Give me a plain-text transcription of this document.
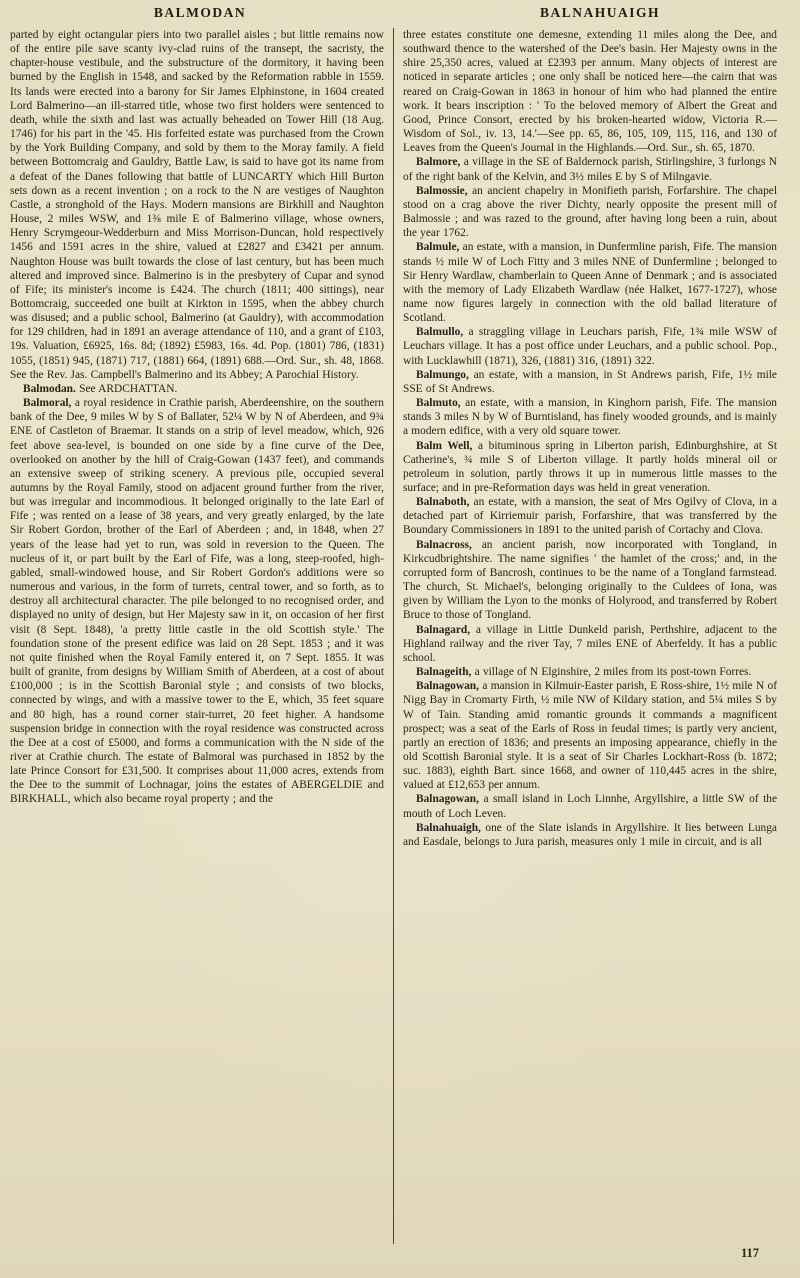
BALMODAN	BALNAHUAIGH

parted by eight octangular piers into two parallel aisles ; but little remains now of the entire pile save scanty ivy-clad ruins of the transept, the sacristy, the chapter-house vestibule, and the substructure of the dormitory, it having been burned by the English in 1548, and sacked by the Reformation rabble in 1559. Its lands were erected into a barony for Sir James Elphinstone, in 1604 created Lord Balmerino—an ill-starred title, whose two first holders were sentenced to death, while the sixth and last was actually beheaded on Tower Hill (18 Aug. 1746) for his part in the '45. His forfeited estate was purchased from the Crown by the York Building Company, and sold by them to the Moray family. A field between Bottomcraig and Gauldry, Battle Law, is said to have got its name from a defeat of the Danes following that battle of LUNCARTY which Hill Burton sets down as a recent invention ; on a rock to the N are vestiges of Naughton Castle, a stronghold of the Hays. Modern mansions are Birkhill and Naughton House, 2 miles WSW, and 1⅜ mile E of Balmerino village, whose owners, Henry Scrymgeour-Wedderburn and Miss Morrison-Duncan, hold respectively 1456 and 1591 acres in the shire, valued at £2827 and £3421 per annum. Naughton House was built towards the close of last century, but has been much altered and improved since. Balmerino is in the presbytery of Cupar and synod of Fife; its minister's income is £424. The church (1811; 400 sittings), near Bottomcraig, succeeded one built at Kirkton in 1595, when the abbey church was disused; and a public school, Balmerino (at Gauldry), with accommodation for 129 children, had in 1891 an average attendance of 110, and a grant of £103, 19s. Valuation, £6925, 16s. 8d; (1892) £5983, 16s. 4d. Pop. (1801) 786, (1831) 1055, (1851) 945, (1871) 717, (1881) 664, (1891) 688.—Ord. Sur., sh. 48, 1868. See the Rev. Jas. Campbell's Balmerino and its Abbey; A Parochial History.

Balmodan. See ARDCHATTAN.

Balmoral, a royal residence in Crathie parish, Aberdeenshire, on the southern bank of the Dee, 9 miles W by S of Ballater, 52¼ W by N of Aberdeen, and 9¾ ENE of Castleton of Braemar. It stands on a strip of level meadow, which, 926 feet above sea-level, is bounded on one side by a fine curve of the Dee, overlooked on another by the hill of Craig-Gowan (1437 feet), and commands an extensive sweep of striking scenery. A previous pile, occupied several autumns by the Royal Family, stood on adjacent ground further from the river, but was irregular and incommodious. It belonged originally to the late Earl of Fife ; was rented on a lease of 38 years, and very greatly enlarged, by the late Sir Robert Gordon, brother of the Earl of Aberdeen ; and, in 1848, when 27 years of the lease had yet to run, was sold in reversion to the Queen. The nucleus of it, or part built by the Earl of Fife, was a long, steep-roofed, high-gabled, small-windowed house, and Sir Robert Gordon's additions were so numerous and various, in the form of turrets, central tower, and so forth, as to destroy all architectural character. The pile belonged to no recognised order, and displayed no unity of design, but Her Majesty saw in it, on occasion of her first visit (8 Sept. 1848), 'a pretty little castle in the old Scottish style.' The foundation stone of the present edifice was laid on 28 Sept. 1853 ; and it was not quite finished when the Royal Family entered it, on 7 Sept. 1855. It was built of granite, from designs by William Smith of Aberdeen, at a cost of about £100,000 ; is in the Scottish Baronial style ; and consists of two blocks, connected by wings, and with a massive tower to the E, which, 35 feet square and 80 high, has a round corner stair-turret, 20 feet higher. A handsome suspension bridge in connection with the royal residence was constructed across the Dee at a cost of £5000, and forms a communication with the N side of the river at Crathie church. The estate of Balmoral was purchased in 1852 by the late Prince Consort for £31,500. It comprises about 11,000 acres, extends from the Dee to the summit of Lochnagar, joins the estates of ABERGELDIE and BIRKHALL, which also became royal property ; and the

three estates constitute one demesne, extending 11 miles along the Dee, and southward thence to the watershed of the Dee's basin. Her Majesty owns in the shire 25,350 acres, valued at £2393 per annum. Many objects of interest are noticed in separate articles ; one only shall be noticed here—the cairn that was reared on Craig-Gowan in 1863 in honour of him who had planned the entire work. It bears inscription : ' To the beloved memory of Albert the Great and Good, Prince Consort, erected by his broken-hearted widow, Victoria R.—Wisdom of Sol., iv. 13, 14.'—See pp. 65, 86, 105, 109, 115, 116, and 130 of Leaves from the Queen's Journal in the Highlands.—Ord. Sur., sh. 65, 1870.

Balmore, a village in the SE of Baldernock parish, Stirlingshire, 3 furlongs N of the right bank of the Kelvin, and 3½ miles E by S of Milngavie.

Balmossie, an ancient chapelry in Monifieth parish, Forfarshire. The chapel stood on a crag above the river Dichty, nearly opposite the present mill of Balmossie ; and was razed to the ground, after having long been a ruin, about the year 1762.

Balmule, an estate, with a mansion, in Dunfermline parish, Fife. The mansion stands ½ mile W of Loch Fitty and 3 miles NNE of Dunfermline ; belonged to Sir Henry Wardlaw, chamberlain to Queen Anne of Denmark ; and is associated with the memory of Lady Elizabeth Wardlaw (née Halket, 1677-1727), whose name now figures largely in connection with the old ballad literature of Scotland.

Balmullo, a straggling village in Leuchars parish, Fife, 1¾ mile WSW of Leuchars village. It has a post office under Leuchars, and a public school. Pop., with Lucklawhill (1871), 326, (1881) 316, (1891) 322.

Balmungo, an estate, with a mansion, in St Andrews parish, Fife, 1½ mile SSE of St Andrews.

Balmuto, an estate, with a mansion, in Kinghorn parish, Fife. The mansion stands 3 miles N by W of Burntisland, has finely wooded grounds, and is mainly a modern edifice, with a very old square tower.

Balm Well, a bituminous spring in Liberton parish, Edinburghshire, at St Catherine's, ¾ mile S of Liberton village. It partly holds mineral oil or petroleum in solution, partly throws it up in numerous little masses to the surface; and in pre-Reformation days was held in great veneration.

Balnaboth, an estate, with a mansion, the seat of Mrs Ogilvy of Clova, in a detached part of Kirriemuir parish, Forfarshire, that was transferred by the Boundary Commissioners in 1891 to the united parish of Cortachy and Clova.

Balnacross, an ancient parish, now incorporated with Tongland, in Kirkcudbrightshire. The name signifies ' the hamlet of the cross;' and, in the corrupted form of Bancrosh, continues to be the name of a Tongland farmstead. The church, St. Michael's, belonging originally to the Culdees of Iona, was given by William the Lyon to the monks of Holyrood, and transferred by Robert Bruce to those of Tongland.

Balnagard, a village in Little Dunkeld parish, Perthshire, adjacent to the Highland railway and the river Tay, 7 miles ENE of Aberfeldy. It has a public school.

Balnageith, a village of N Elginshire, 2 miles from its post-town Forres.

Balnagowan, a mansion in Kilmuir-Easter parish, E Ross-shire, 1½ mile N of Nigg Bay in Cromarty Firth, ½ mile NW of Kildary station, and 5¼ miles S by W of Tain. Standing amid romantic grounds it commands a magnificent prospect; was a seat of the Earls of Ross in feudal times; is partly very ancient, partly an erection of 1836; and presents an imposing appearance, chiefly in the old Scottish Baronial style. It is a seat of Sir Charles Lockhart-Ross (b. 1872; suc. 1883), eighth Bart. since 1668, and owner of 110,445 acres in the shire, valued at £12,653 per annum.

Balnagowan, a small island in Loch Linnhe, Argyllshire, a little SW of the mouth of Loch Leven.

Balnahuaigh, one of the Slate islands in Argyllshire. It lies between Lunga and Easdale, belongs to Jura parish, measures only 1 mile in circuit, and is all

117
